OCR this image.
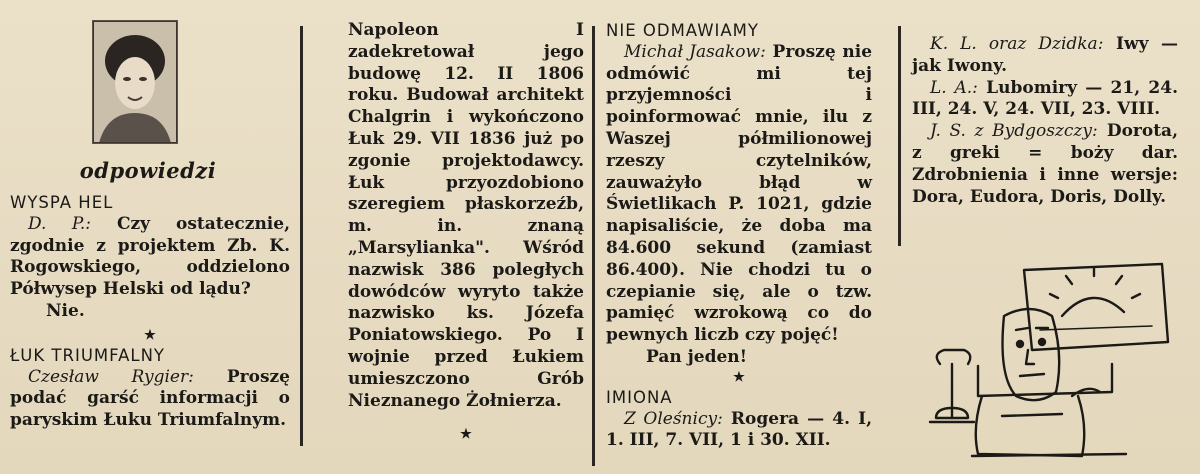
odpowiedzi

WYSPA HEL

D. P.: Czy ostatecznie, zgodnie z projektem Zb. K. Rogowskiego, oddzielono Półwysep Helski od lądu?

Nie.

★

ŁUK TRIUMFALNY

Czesław Rygier: Proszę podać garść informacji o paryskim Łuku Triumfalnym.

Napoleon I zadekretował jego budowę 12. II 1806 roku. Budował architekt Chalgrin i wykończono Łuk 29. VII 1836 już po zgonie projektodawcy. Łuk przyozdobiono szeregiem płaskorzeźb, m. in. znaną „Marsylianka". Wśród nazwisk 386 poległych dowódców wyryto także nazwisko ks. Józefa Poniatowskiego. Po I wojnie przed Łukiem umieszczono Grób Nieznanego Żołnierza.

★

NIE ODMAWIAMY

Michał Jasakow: Proszę nie odmówić mi tej przyjemności i poinformować mnie, ilu z Waszej półmilionowej rzeszy czytelników, zauważyło błąd w Świetlikach P. 1021, gdzie napisaliście, że doba ma 84.600 sekund (zamiast 86.400). Nie chodzi tu o czepianie się, ale o tzw. pamięć wzrokową co do pewnych liczb czy pojęć!

Pan jeden!

★

IMIONA

Z Oleśnicy: Rogera — 4. I, 1. III, 7. VII, 1 i 30. XII.

K. L. oraz Dzidka: Iwy — jak Iwony.

L. A.: Lubomiry — 21, 24. III, 24. V, 24. VII, 23. VIII.

J. S. z Bydgoszczy: Dorota, z greki = boży dar. Zdrobnienia i inne wersje: Dora, Eudora, Doris, Dolly.
